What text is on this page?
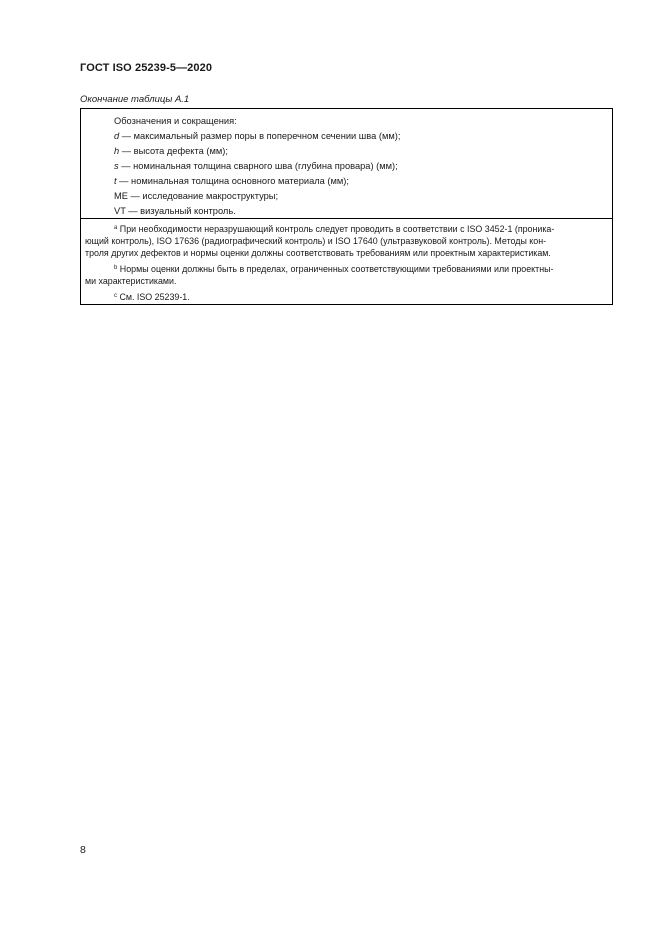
ГОСТ ISO 25239-5—2020
Окончание таблицы А.1
Обозначения и сокращения:
d — максимальный размер поры в поперечном сечении шва (мм);
h — высота дефекта (мм);
s — номинальная толщина сварного шва (глубина провара) (мм);
t — номинальная толщина основного материала (мм);
ME — исследование макроструктуры;
VT — визуальный контроль.
$^a$ При необходимости неразрушающий контроль следует проводить в соответствии с ISO 3452-1 (проника-
ющий контроль), ISO 17636 (радиографический контроль) и ISO 17640 (ультразвуковой контроль). Методы кон-
троля других дефектов и нормы оценки должны соответствовать требованиям или проектным характеристикам.
$^b$ Нормы оценки должны быть в пределах, ограниченных соответствующими требованиями или проектны-
ми характеристиками.
$^c$ См. ISO 25239-1.
8
